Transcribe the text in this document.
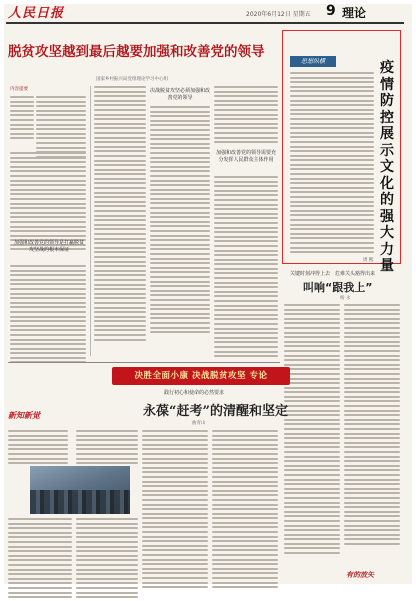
人民日报	2020年6月12日 星期五 9 理论
脱贫攻坚越到最后越要加强和改善党的领导
国家乡村振兴局党组理论学习中心组
内容提要
加强和改善党的领导是打赢脱贫攻坚战的根本保证
决战脱贫攻坚必须加强和改善党的领导
加强和改善党的领导需要充分发挥人民群众主体作用
思想纵横	疫情防控展示文化的强大力量
周 熙
关键时刻冲得上去　危难关头豁得出来
叫响“跟我上”
杨 永
有的放矢
决胜全面小康 决战脱贫攻坚 专论
践行初心和使命的必然要求
永葆“赶考”的清醒和坚定
曲青山
新知新觉
